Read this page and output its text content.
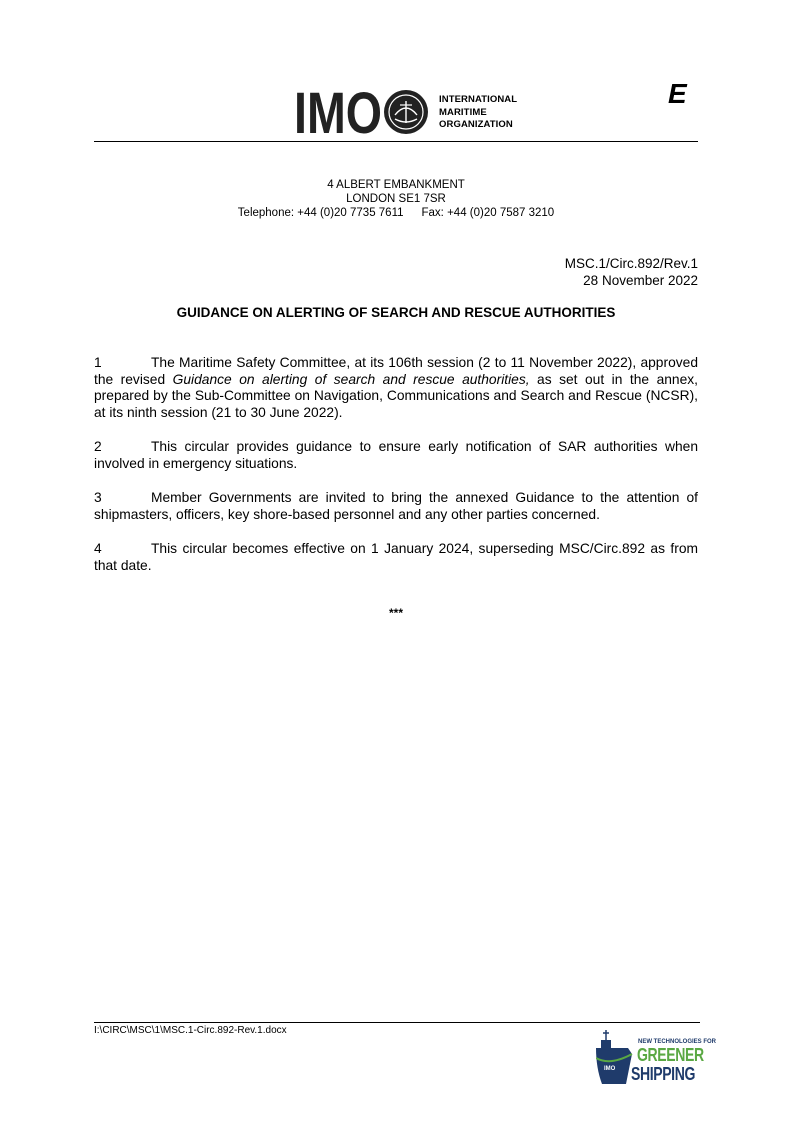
IMO	INTERNATIONAL
MARITIME
ORGANIZATION
E
4 ALBERT EMBANKMENT
LONDON SE1 7SR
Telephone: +44 (0)20 7735 7611 Fax: +44 (0)20 7587 3210
MSC.1/Circ.892/Rev.1
28 November 2022
GUIDANCE ON ALERTING OF SEARCH AND RESCUE AUTHORITIES
1	The Maritime Safety Committee, at its 106th session (2 to 11 November 2022), approved the revised Guidance on alerting of search and rescue authorities, as set out in the annex, prepared by the Sub-Committee on Navigation, Communications and Search and Rescue (NCSR), at its ninth session (21 to 30 June 2022).
2	This circular provides guidance to ensure early notification of SAR authorities when involved in emergency situations.
3	Member Governments are invited to bring the annexed Guidance to the attention of shipmasters, officers, key shore-based personnel and any other parties concerned.
4	This circular becomes effective on 1 January 2024, superseding MSC/Circ.892 as from that date.
***
I:\CIRC\MSC\1\MSC.1-Circ.892-Rev.1.docx
IMO
NEW TECHNOLOGIES FOR
GREENER
SHIPPING
